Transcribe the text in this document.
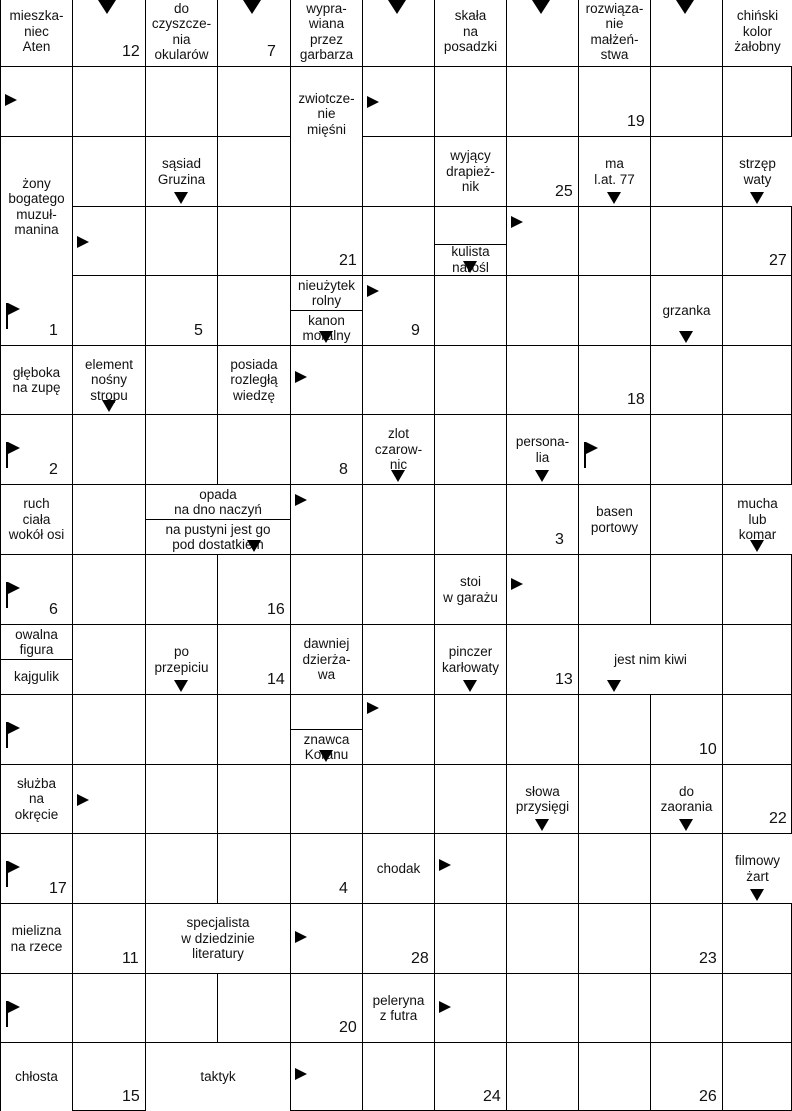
mieszka-
niec
Aten
do
czyszcze-
nia
okularów
wypra-
wiana
przez
garbarza
skała
na
posadzki
rozwiąza-
nie
małżeń-
stwa
chiński
kolor
żałobny
zwiotcze-
nie
mięśni
żony
bogatego
muzuł-
manina
sąsiad
Gruzina
wyjący
drapież-
nik
ma
l.at. 77
strzęp
waty
kulista
narośl
nieużytek
rolny
kanon
moralny
grzanka
głęboka
na zupę
element
nośny
stropu
posiada
rozległą
wiedzę
zlot
czarow-
nic
persona-
lia
ruch
ciała
wokół osi
opada
na dno naczyń
na pustyni jest go
pod dostatkiem
basen
portowy
mucha
lub
komar
stoi
w garażu
owalna
figura
kajgulik
po
przepiciu
dawniej
dzierża-
wa
pinczer
karłowaty
jest nim kiwi
znawca
Koranu
służba
na
okręcie
słowa
przysięgi
do
zaorania
chodak
filmowy
żart
mielizna
na rzece
specjalista
w dziedzinie
literatury
peleryna
z futra
chłosta	taktyk
12	7
19
21
25
27
1	5	9
18
2	8
3
6	16
14	13
10
22
17	4
11	28	23
20
15	24	26
